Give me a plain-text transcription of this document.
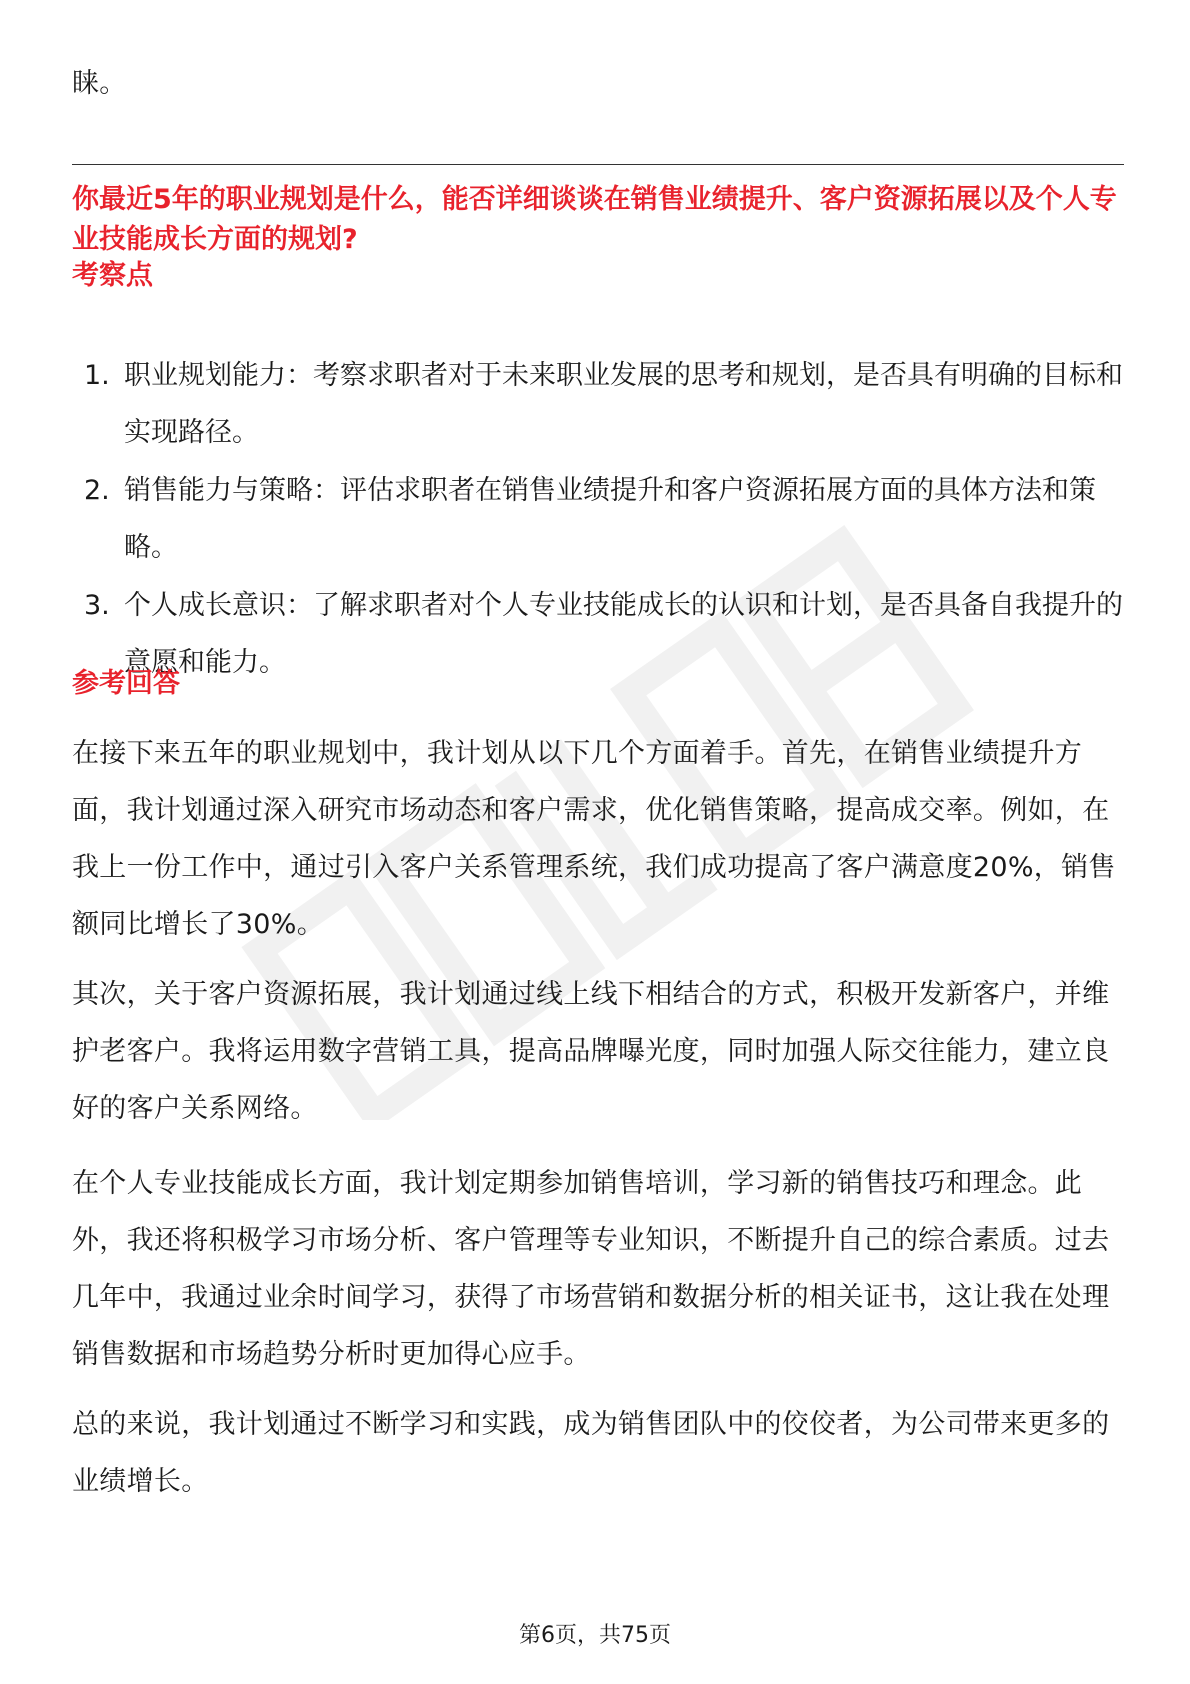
睐。

你最近5年的职业规划是什么，能否详细谈谈在销售业绩提升、客户资源拓展以及个人专业技能成长方面的规划?

考察点

1. 职业规划能力：考察求职者对于未来职业发展的思考和规划，是否具有明确的目标和实现路径。
2. 销售能力与策略：评估求职者在销售业绩提升和客户资源拓展方面的具体方法和策略。
3. 个人成长意识：了解求职者对个人专业技能成长的认识和计划，是否具备自我提升的意愿和能力。

参考回答

在接下来五年的职业规划中，我计划从以下几个方面着手。首先，在销售业绩提升方面，我计划通过深入研究市场动态和客户需求，优化销售策略，提高成交率。例如，在我上一份工作中，通过引入客户关系管理系统，我们成功提高了客户满意度20%，销售额同比增长了30%。

其次，关于客户资源拓展，我计划通过线上线下相结合的方式，积极开发新客户，并维护老客户。我将运用数字营销工具，提高品牌曝光度，同时加强人际交往能力，建立良好的客户关系网络。

在个人专业技能成长方面，我计划定期参加销售培训，学习新的销售技巧和理念。此外，我还将积极学习市场分析、客户管理等专业知识，不断提升自己的综合素质。过去几年中，我通过业余时间学习，获得了市场营销和数据分析的相关证书，这让我在处理销售数据和市场趋势分析时更加得心应手。

总的来说，我计划通过不断学习和实践，成为销售团队中的佼佼者，为公司带来更多的业绩增长。

第6页，共75页
